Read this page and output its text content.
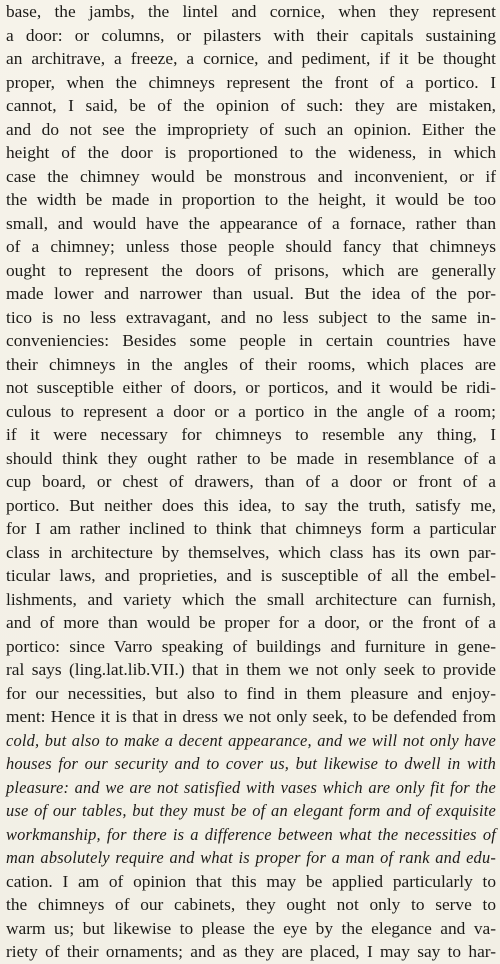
base, the jambs, the lintel and cornice, when they represent
a door: or columns, or pilasters with their capitals sustaining
an architrave, a freeze, a cornice, and pediment, if it be thought
proper, when the chimneys represent the front of a portico. I
cannot, I said, be of the opinion of such: they are mistaken,
and do not see the impropriety of such an opinion. Either the
height of the door is proportioned to the wideness, in which
case the chimney would be monstrous and inconvenient, or if
the width be made in proportion to the height, it would be too
small, and would have the appearance of a fornace, rather than
of a chimney; unless those people should fancy that chimneys
ought to represent the doors of prisons, which are generally
made lower and narrower than usual. But the idea of the por-
tico is no less extravagant, and no less subject to the same in-
conveniencies: Besides some people in certain countries have
their chimneys in the angles of their rooms, which places are
not susceptible either of doors, or porticos, and it would be ridi-
culous to represent a door or a portico in the angle of a room;
if it were necessary for chimneys to resemble any thing, I
should think they ought rather to be made in resemblance of a
cup board, or chest of drawers, than of a door or front of a
portico. But neither does this idea, to say the truth, satisfy me,
for I am rather inclined to think that chimneys form a particular
class in architecture by themselves, which class has its own par-
ticular laws, and proprieties, and is susceptible of all the embel-
lishments, and variety which the small architecture can furnish,
and of more than would be proper for a door, or the front of a
portico: since Varro speaking of buildings and furniture in gene-
ral says (ling.lat.lib.VII.) that in them we not only seek to provide
for our necessities, but also to find in them pleasure and enjoy-
ment: Hence it is that in dress we not only seek, to be defended from
cold, but also to make a decent appearance, and we will not only have
houses for our security and to cover us, but likewise to dwell in with
pleasure: and we are not satisfied with vases which are only fit for the
use of our tables, but they must be of an elegant form and of exquisite
workmanship, for there is a difference between what the necessities of
man absolutely require and what is proper for a man of rank and edu-
cation. I am of opinion that this may be applied particularly to
the chimneys of our cabinets, they ought not only to serve to
warm us; but likewise to please the eye by the elegance and va-
riety of their ornaments; and as they are placed, I may say to har-
